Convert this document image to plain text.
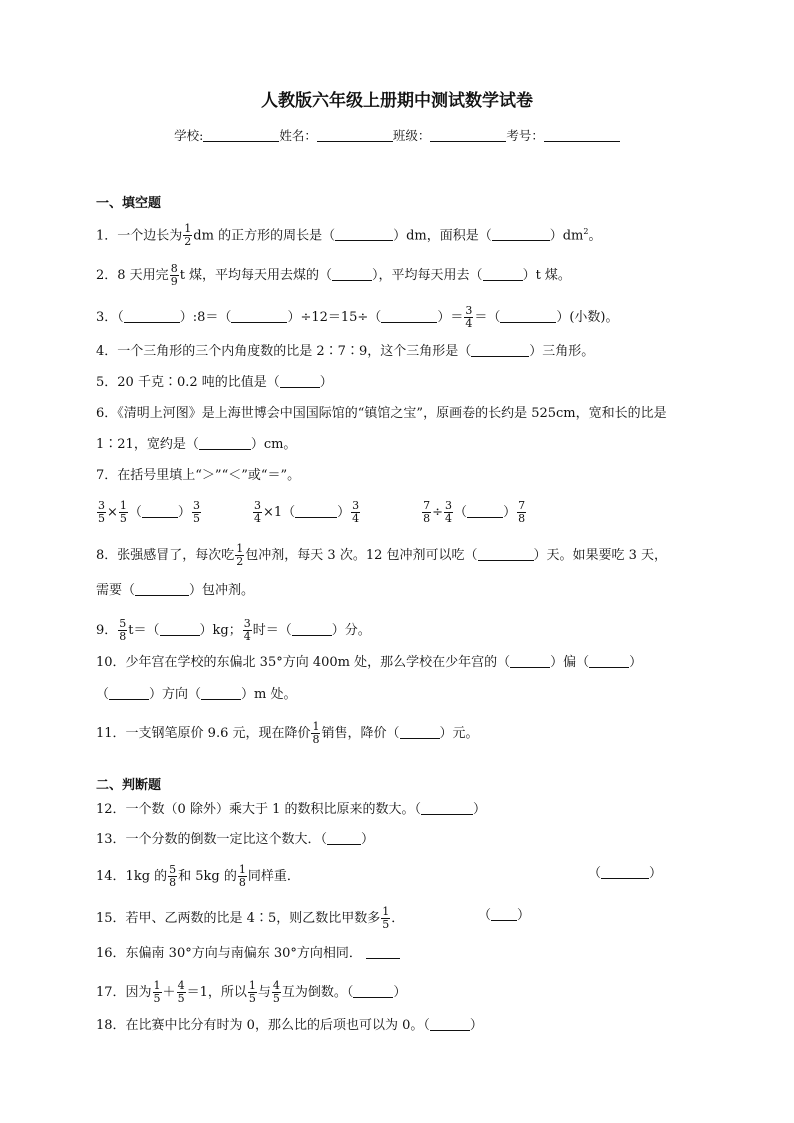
人教版六年级上册期中测试数学试卷
学校:	姓名：	班级：	考号：
一、填空题
1．一个边长为 $\frac{1}{2}$ dm 的正方形的周长是（	）dm，面积是（	）$dm^2$。
2．8 天用完 $\frac{8}{9}$ t 煤，平均每天用去煤的（	），平均每天用去（	）t 煤。
3．（	）:8＝（	）÷12＝15÷（	）＝ $\frac{3}{4}$ ＝（	）(小数)。
4．一个三角形的三个内角度数的比是 2∶7∶9，这个三角形是（	）三角形。
5．20 千克∶0.2 吨的比值是（	）
6．《清明上河图》是上海世博会中国国际馆的“镇馆之宝”，原画卷的长约是 525cm，宽和长的比是
1∶21，宽约是（	）cm。
7．在括号里填上“＞”“＜”或“＝”。
$\frac{3}{5} \times \frac{1}{5}$ （	） $\frac{3}{5}$	$\frac{3}{4} \times 1$（	） $\frac{3}{4}$	$\frac{7}{8} \div \frac{3}{4}$ （	） $\frac{7}{8}$
8．张强感冒了，每次吃 $\frac{1}{2}$ 包冲剂，每天 3 次。12 包冲剂可以吃（	）天。如果要吃 3 天，
需要（	）包冲剂。
9． $\frac{5}{8} t=$（	）kg； $\frac{3}{4}$ 时＝（	）分。
10．少年宫在学校的东偏北 35°方向 400m 处，那么学校在少年宫的（	）偏（	）
（	）方向（	）m 处。
11．一支钢笔原价 9.6 元，现在降价 $\frac{1}{8}$ 销售，降价（	）元。
二、判断题
12．一个数（0 除外）乘大于 1 的数积比原来的数大。（	）
13．一个分数的倒数一定比这个数大．（	）
14．1kg 的 $\frac{5}{8}$ 和 5kg 的 $\frac{1}{8}$ 同样重．	（	）
15．若甲、乙两数的比是 4∶5，则乙数比甲数多 $\frac{1}{5}$ ．	（ ）
16．东偏南 30°方向与南偏东 30°方向相同．
17．因为 $\frac{1}{5} + \frac{4}{5} =1$，所以 $\frac{1}{5}$ 与 $\frac{4}{5}$ 互为倒数。（	）
18．在比赛中比分有时为 0，那么比的后项也可以为 0。（	）
